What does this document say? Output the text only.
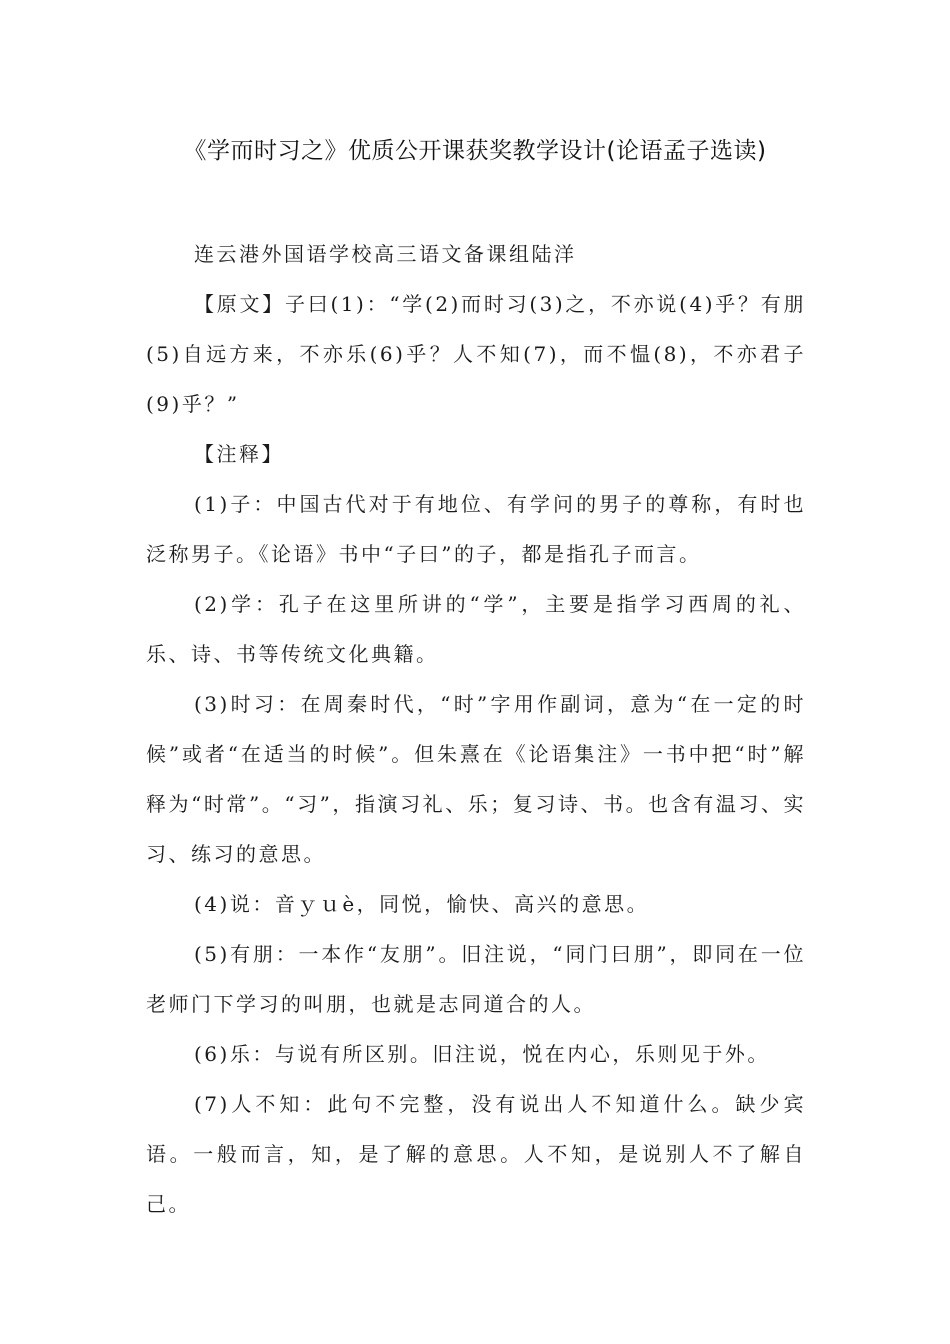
《学而时习之》优质公开课获奖教学设计(论语孟子选读)

连云港外国语学校高三语文备课组陆洋

【原文】子曰(1)：“学(2)而时习(3)之，不亦说(4)乎？有朋(5)自远方来，不亦乐(6)乎？人不知(7)，而不愠(8)，不亦君子(9)乎？”

【注释】

(1)子：中国古代对于有地位、有学问的男子的尊称，有时也泛称男子。《论语》书中“子曰”的子，都是指孔子而言。

(2)学：孔子在这里所讲的“学”，主要是指学习西周的礼、乐、诗、书等传统文化典籍。

(3)时习：在周秦时代，“时”字用作副词，意为“在一定的时候”或者“在适当的时候”。但朱熹在《论语集注》一书中把“时”解释为“时常”。“习”，指演习礼、乐；复习诗、书。也含有温习、实习、练习的意思。

(4)说：音ｙｕè，同悦，愉快、高兴的意思。

(5)有朋：一本作“友朋”。旧注说，“同门曰朋”，即同在一位老师门下学习的叫朋，也就是志同道合的人。

(6)乐：与说有所区别。旧注说，悦在内心，乐则见于外。

(7)人不知：此句不完整，没有说出人不知道什么。缺少宾语。一般而言，知，是了解的意思。人不知，是说别人不了解自己。
